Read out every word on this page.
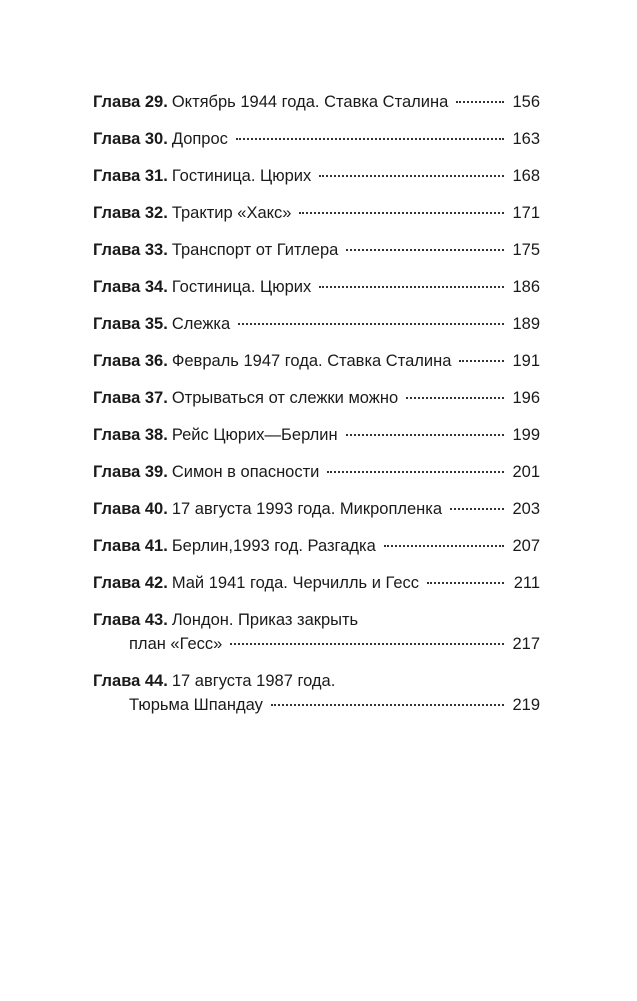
Глава 29. Октябрь 1944 года. Ставка Сталина	156
Глава 30. Допрос	163
Глава 31. Гостиница. Цюрих	168
Глава 32. Трактир «Хакс»	171
Глава 33. Транспорт от Гитлера	175
Глава 34. Гостиница. Цюрих	186
Глава 35. Слежка	189
Глава 36. Февраль 1947 года. Ставка Сталина	191
Глава 37. Отрываться от слежки можно	196
Глава 38. Рейс Цюрих—Берлин	199
Глава 39. Симон в опасности	201
Глава 40. 17 августа 1993 года. Микропленка	203
Глава 41. Берлин,1993 год. Разгадка	207
Глава 42. Май 1941 года. Черчилль и Гесс	211
Глава 43. Лондон. Приказ закрыть
план «Гесс»	217
Глава 44. 17 августа 1987 года.
Тюрьма Шпандау	219
